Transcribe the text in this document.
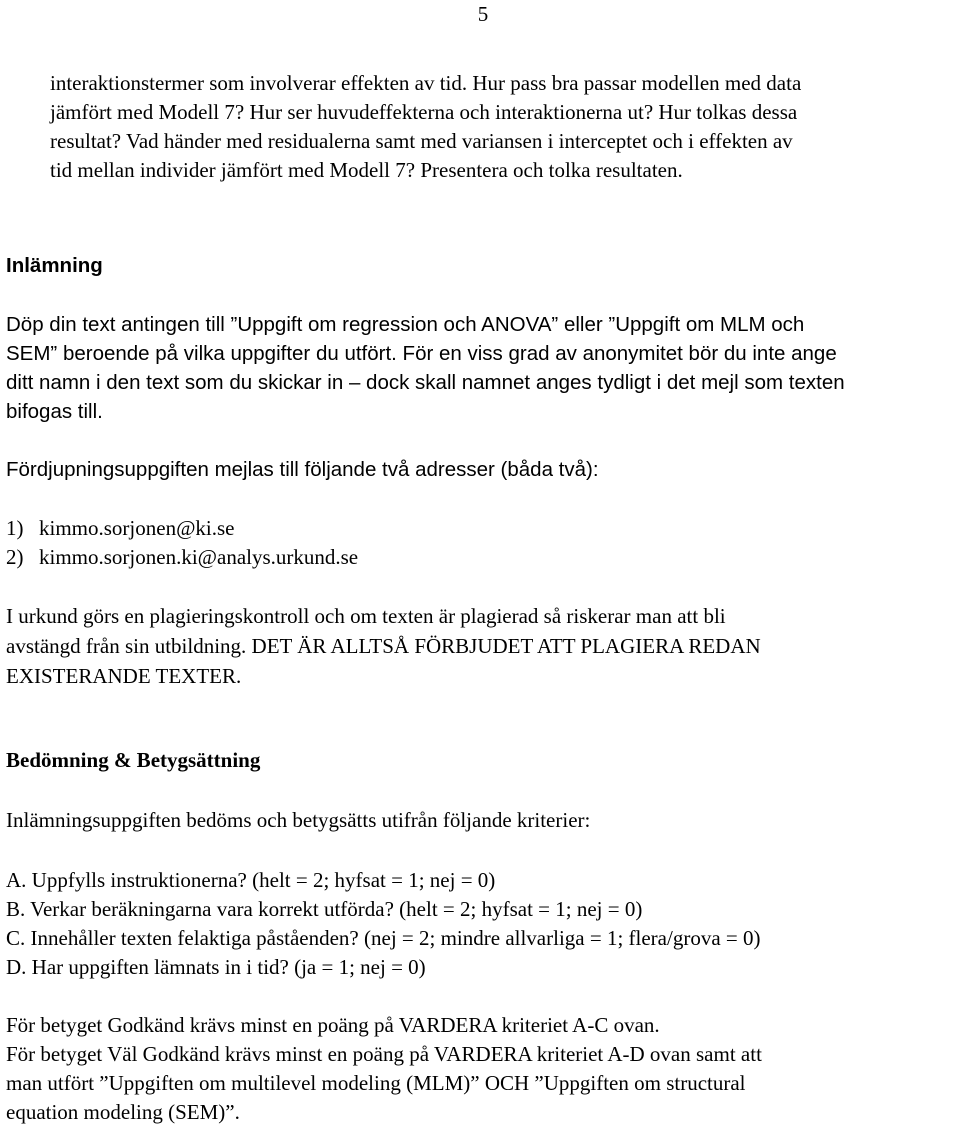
5

interaktionstermer som involverar effekten av tid. Hur pass bra passar modellen med data

jämfört med Modell 7? Hur ser huvudeffekterna och interaktionerna ut? Hur tolkas dessa

resultat? Vad händer med residualerna samt med variansen i interceptet och i effekten av

tid mellan individer jämfört med Modell 7? Presentera och tolka resultaten.

Inlämning

Döp din text antingen till ”Uppgift om regression och ANOVA” eller ”Uppgift om MLM och

SEM” beroende på vilka uppgifter du utfört. För en viss grad av anonymitet bör du inte ange

ditt namn i den text som du skickar in – dock skall namnet anges tydligt i det mejl som texten

bifogas till.

Fördjupningsuppgiften mejlas till följande två adresser (båda två):
1) kimmo.sorjonen@ki.se
2) kimmo.sorjonen.ki@analys.urkund.se

I urkund görs en plagieringskontroll och om texten är plagierad så riskerar man att bli

avstängd från sin utbildning. DET ÄR ALLTSÅ FÖRBJUDET ATT PLAGIERA REDAN

EXISTERANDE TEXTER.

Bedömning & Betygsättning
Inlämningsuppgiften bedöms och betygsätts utifrån följande kriterier:

A. Uppfylls instruktionerna? (helt = 2; hyfsat = 1; nej = 0)

B. Verkar beräkningarna vara korrekt utförda? (helt = 2; hyfsat = 1; nej = 0)

C. Innehåller texten felaktiga påståenden? (nej = 2; mindre allvarliga = 1; flera/grova = 0)

D. Har uppgiften lämnats in i tid? (ja = 1; nej = 0)

För betyget Godkänd krävs minst en poäng på VARDERA kriteriet A-C ovan.

För betyget Väl Godkänd krävs minst en poäng på VARDERA kriteriet A-D ovan samt att

man utfört ”Uppgiften om multilevel modeling (MLM)” OCH ”Uppgiften om structural

equation modeling (SEM)”.
